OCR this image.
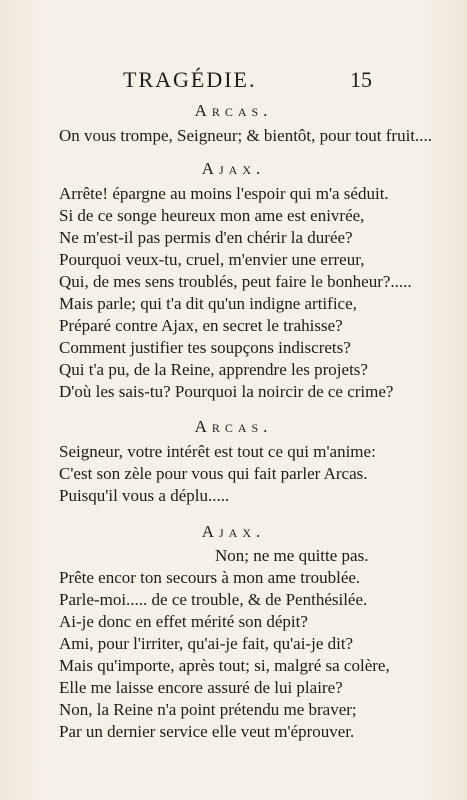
TRAGÉDIE.	15
Arcas.
On vous trompe, Seigneur; & bientôt, pour tout fruit....
Ajax.
Arrête! épargne au moins l'espoir qui m'a séduit.
Si de ce songe heureux mon ame est enivrée,
Ne m'est-il pas permis d'en chérir la durée?
Pourquoi veux-tu, cruel, m'envier une erreur,
Qui, de mes sens troublés, peut faire le bonheur?.....
Mais parle; qui t'a dit qu'un indigne artifice,
Préparé contre Ajax, en secret le trahisse?
Comment justifier tes soupçons indiscrets?
Qui t'a pu, de la Reine, apprendre les projets?
D'où les sais-tu? Pourquoi la noircir de ce crime?
Arcas.
Seigneur, votre intérêt est tout ce qui m'anime:
C'est son zèle pour vous qui fait parler Arcas.
Puisqu'il vous a déplu.....
Ajax.
Non; ne me quitte pas.
Prête encor ton secours à mon ame troublée.
Parle-moi..... de ce trouble, & de Penthésilée.
Ai-je donc en effet mérité son dépit?
Ami, pour l'irriter, qu'ai-je fait, qu'ai-je dit?
Mais qu'importe, après tout; si, malgré sa colère,
Elle me laisse encore assuré de lui plaire?
Non, la Reine n'a point prétendu me braver;
Par un dernier service elle veut m'éprouver.
